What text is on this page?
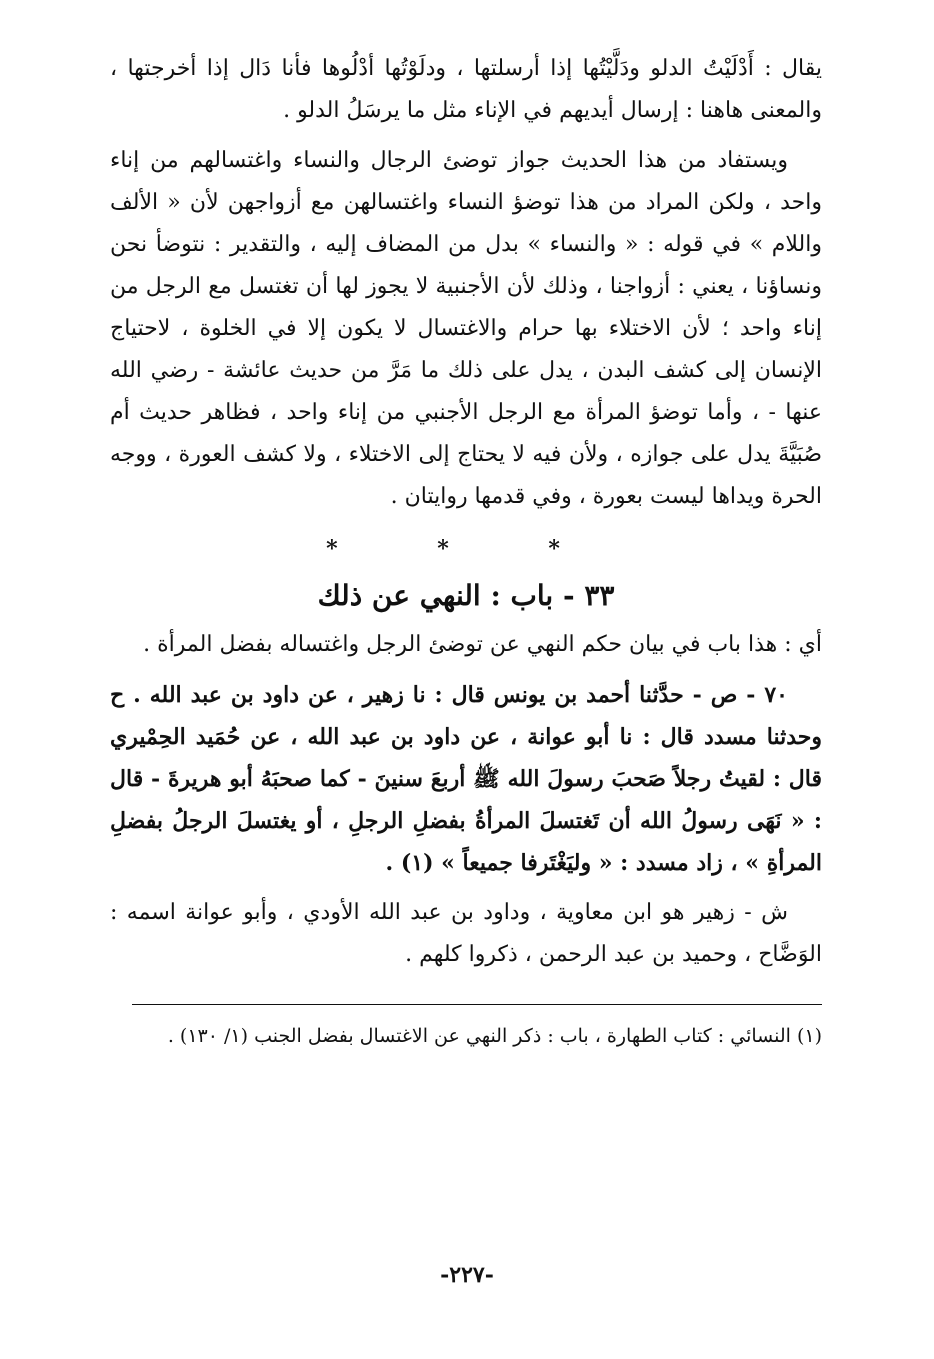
يقال : أَدْلَيْتُ الدلو ودَلَّيْتُها إذا أرسلتها ، ودلَوْتُها أدْلُوها فأنا دَال إذا أخرجتها ، والمعنى هاهنا : إرسال أيديهم في الإناء مثل ما يرسَلُ الدلو .

ويستفاد من هذا الحديث جواز توضئ الرجال والنساء واغتسالهم من إناء واحد ، ولكن المراد من هذا توضؤ النساء واغتسالهن مع أزواجهن لأن « الألف واللام » في قوله : « والنساء » بدل من المضاف إليه ، والتقدير : نتوضأ نحن ونساؤنا ، يعني : أزواجنا ، وذلك لأن الأجنبية لا يجوز لها أن تغتسل مع الرجل من إناء واحد ؛ لأن الاختلاء بها حرام والاغتسال لا يكون إلا في الخلوة ، لاحتياج الإنسان إلى كشف البدن ، يدل على ذلك ما مَرَّ من حديث عائشة - رضي الله عنها - ، وأما توضؤ المرأة مع الرجل الأجنبي من إناء واحد ، فظاهر حديث أم صُبَيَّةَ يدل على جوازه ، ولأن فيه لا يحتاج إلى الاختلاء ، ولا كشف العورة ، ووجه الحرة ويداها ليست بعورة ، وفي قدمها روايتان .

* * *
٣٣ - باب : النهي عن ذلك

أي : هذا باب في بيان حكم النهي عن توضئ الرجل واغتساله بفضل المرأة .

٧٠ - ص - حدَّثنا أحمد بن يونس قال : نا زهير ، عن داود بن عبد الله . ح وحدثنا مسدد قال : نا أبو عوانة ، عن داود بن عبد الله ، عن حُمَيد الحِمْيري قال : لقيتُ رجلاً صَحبَ رسولَ الله ﷺ أربعَ سنينَ - كما صحبَهُ أبو هريرةَ - قال : « نَهَى رسولُ الله أن تَغتسلَ المرأةُ بفضلِ الرجلِ ، أو يغتسلَ الرجلُ بفضلِ المرأةِ » ، زاد مسدد : « وليَغْتَرفا جميعاً » (١) .

ش - زهير هو ابن معاوية ، وداود بن عبد الله الأودي ، وأبو عوانة اسمه : الوَضَّاح ، وحميد بن عبد الرحمن ، ذكروا كلهم .

(١) النسائي : كتاب الطهارة ، باب : ذكر النهي عن الاغتسال بفضل الجنب (١/ ١٣٠) .

-٢٢٧-
